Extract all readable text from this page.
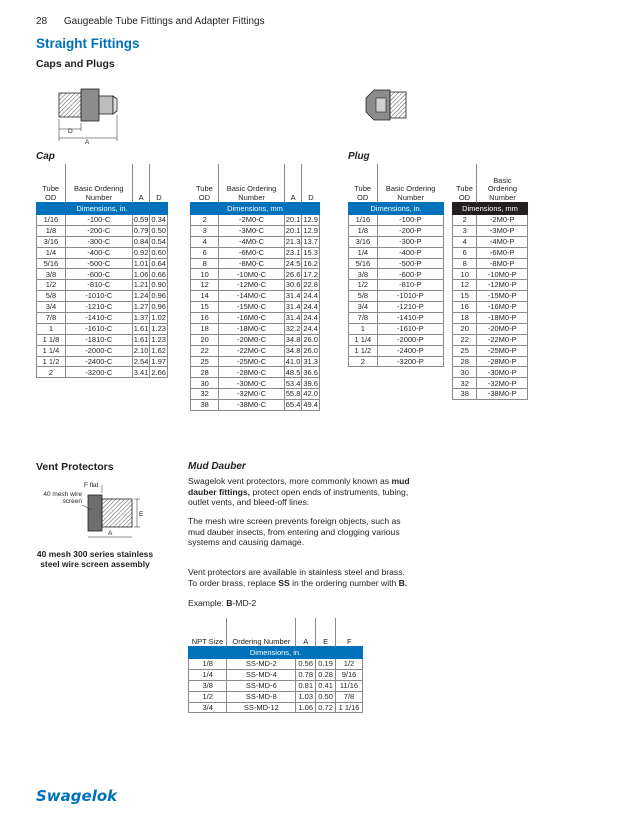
28 Gaugeable Tube Fittings and Adapter Fittings
Straight Fittings
Caps and Plugs
D
A
Cap	Plug
Tube OD	Basic Ordering Number	A	D
Dimensions, in.			
1/16	-100-C	0.59	0.34
1/8	-200-C	0.79	0.50
3/16	-300-C	0.84	0.54
1/4	-400-C	0.92	0.60
5/16	-500-C	1.01	0.64
3/8	-600-C	1.06	0.66
1/2	-810-C	1.21	0.90
5/8	-1010-C	1.24	0.96
3/4	-1210-C	1.27	0.96
7/8	-1410-C	1.37	1.02
1	-1610-C	1.61	1.23
1 1/8	-1810-C	1.61	1.23
1 1/4	-2000-C	2.10	1.62
1 1/2	-2400-C	2.54	1.97
2	-3200-C	3.41	2.66
Tube OD	Basic Ordering Number	A	D
Dimensions, mm			
2	-2M0-C	20.1	12.9
3	-3M0-C	20.1	12.9
4	-4M0-C	21.3	13.7
6	-6M0-C	23.1	15.3
8	-8M0-C	24.5	16.2
10	-10M0-C	26.6	17.2
12	-12M0-C	30.6	22.8
14	-14M0-C	31.4	24.4
15	-15M0-C	31.4	24.4
16	-16M0-C	31.4	24.4
18	-18M0-C	32.2	24.4
20	-20M0-C	34.8	26.0
22	-22M0-C	34.8	26.0
25	-25M0-C	41.0	31.3
28	-28M0-C	48.5	36.6
30	-30M0-C	53.4	39.6
32	-32M0-C	55.8	42.0
38	-38M0-C	65.4	49.4
Tube OD	Basic Ordering Number
Dimensions, in.	
1/16	-100-P
1/8	-200-P
3/16	-300-P
1/4	-400-P
5/16	-500-P
3/8	-600-P
1/2	-810-P
5/8	-1010-P
3/4	-1210-P
7/8	-1410-P
1	-1610-P
1 1/4	-2000-P
1 1/2	-2400-P
2	-3200-P
Tube OD	Basic Ordering Number
Dimensions, mm	
2	-2M0-P
3	-3M0-P
4	-4M0-P
6	-6M0-P
8	-8M0-P
10	-10M0-P
12	-12M0-P
15	-15M0-P
16	-16M0-P
18	-18M0-P
20	-20M0-P
22	-22M0-P
25	-25M0-P
28	-28M0-P
30	-30M0-P
32	-32M0-P
38	-38M0-P
Vent Protectors
F flat
40 mesh wire screen
E
A
40 mesh 300 series stainless steel wire screen assembly
Mud Dauber
Swagelok vent protectors, more commonly known as mud dauber fittings, protect open ends of instruments, tubing, outlet vents, and bleed-off lines.
The mesh wire screen prevents foreign objects, such as mud dauber insects, from entering and clogging various systems and causing damage.
Vent protectors are available in stainless steel and brass. To order brass, replace SS in the ordering number with B.
Example: B-MD-2
NPT Size	Ordering Number	A	E	F
Dimensions, in.				
1/8	SS-MD-2	0.56	0.19	1/2
1/4	SS-MD-4	0.78	0.28	9/16
3/8	SS-MD-6	0.81	0.41	11/16
1/2	SS-MD-8	1.03	0.50	7/8
3/4	SS-MD-12	1.06	0.72	1 1/16
Swagelok
